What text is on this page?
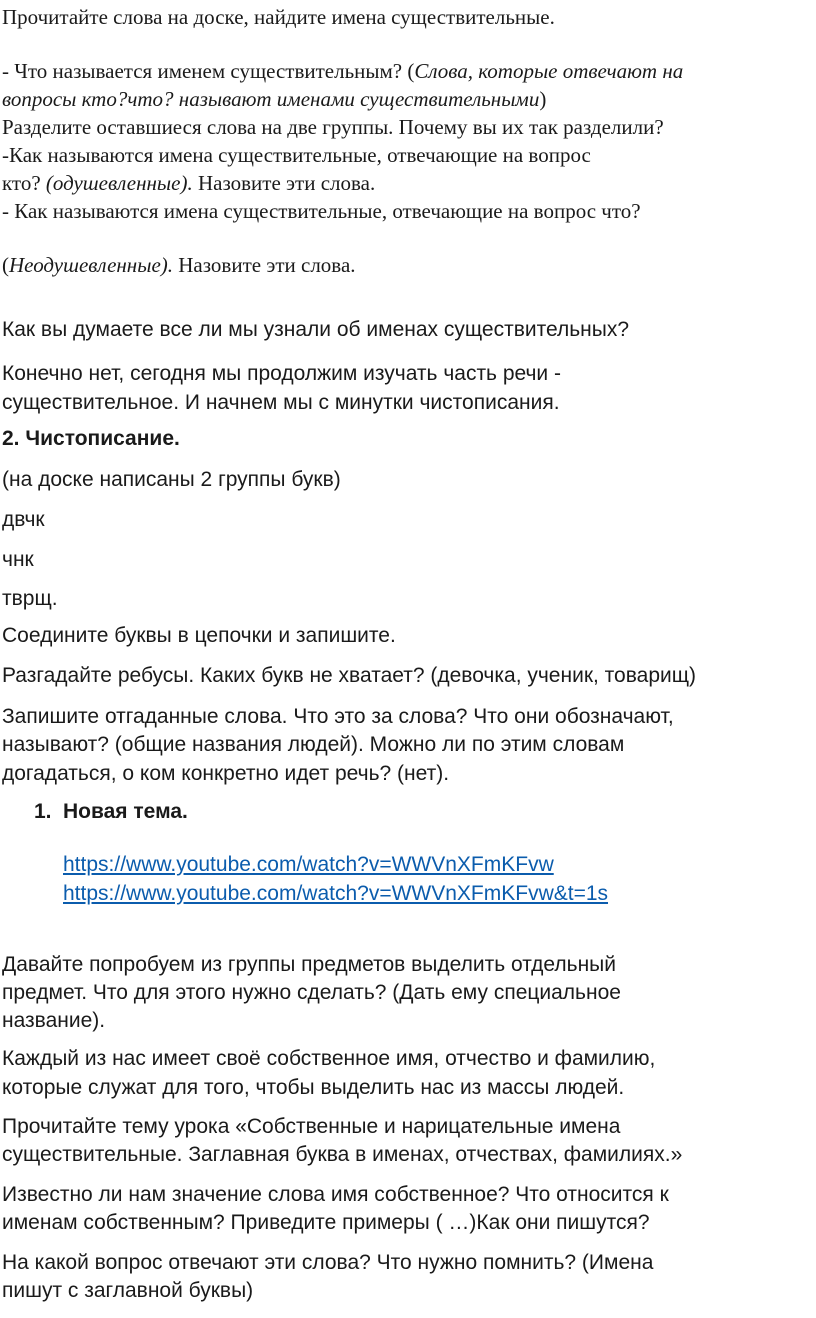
Прочитайте слова на доске, найдите имена существительные.

- Что называется именем существительным? (Слова, которые отвечают на

вопросы кто?что? называют именами существительными)

Разделите оставшиеся слова на две группы. Почему вы их так разделили?

-Как называются имена существительные, отвечающие на вопрос

кто? (одушевленные). Назовите эти слова.

- Как называются имена существительные, отвечающие на вопрос что?

(Неодушевленные). Назовите эти слова.

Как вы думаете все ли мы узнали об именах существительных?

Конечно нет, сегодня мы продолжим изучать часть речи -

существительное. И начнем мы с минутки чистописания.

2. Чистописание.

(на доске написаны 2 группы букв)

двчк

чнк

тврщ.

Соедините буквы в цепочки и запишите.

Разгадайте ребусы. Каких букв не хватает? (девочка, ученик, товарищ)

Запишите отгаданные слова. Что это за слова? Что они обозначают,

называют? (общие названия людей). Можно ли по этим словам

догадаться, о ком конкретно идет речь? (нет).

1. Новая тема.

https://www.youtube.com/watch?v=WWVnXFmKFvw

https://www.youtube.com/watch?v=WWVnXFmKFvw&t=1s

Давайте попробуем из группы предметов выделить отдельный

предмет. Что для этого нужно сделать? (Дать ему специальное

название).

Каждый из нас имеет своё собственное имя, отчество и фамилию,

которые служат для того, чтобы выделить нас из массы людей.

Прочитайте тему урока «Собственные и нарицательные имена

существительные. Заглавная буква в именах, отчествах, фамилиях.»

Известно ли нам значение слова имя собственное? Что относится к

именам собственным? Приведите примеры ( …)Как они пишутся?

На какой вопрос отвечают эти слова? Что нужно помнить? (Имена

пишут с заглавной буквы)
